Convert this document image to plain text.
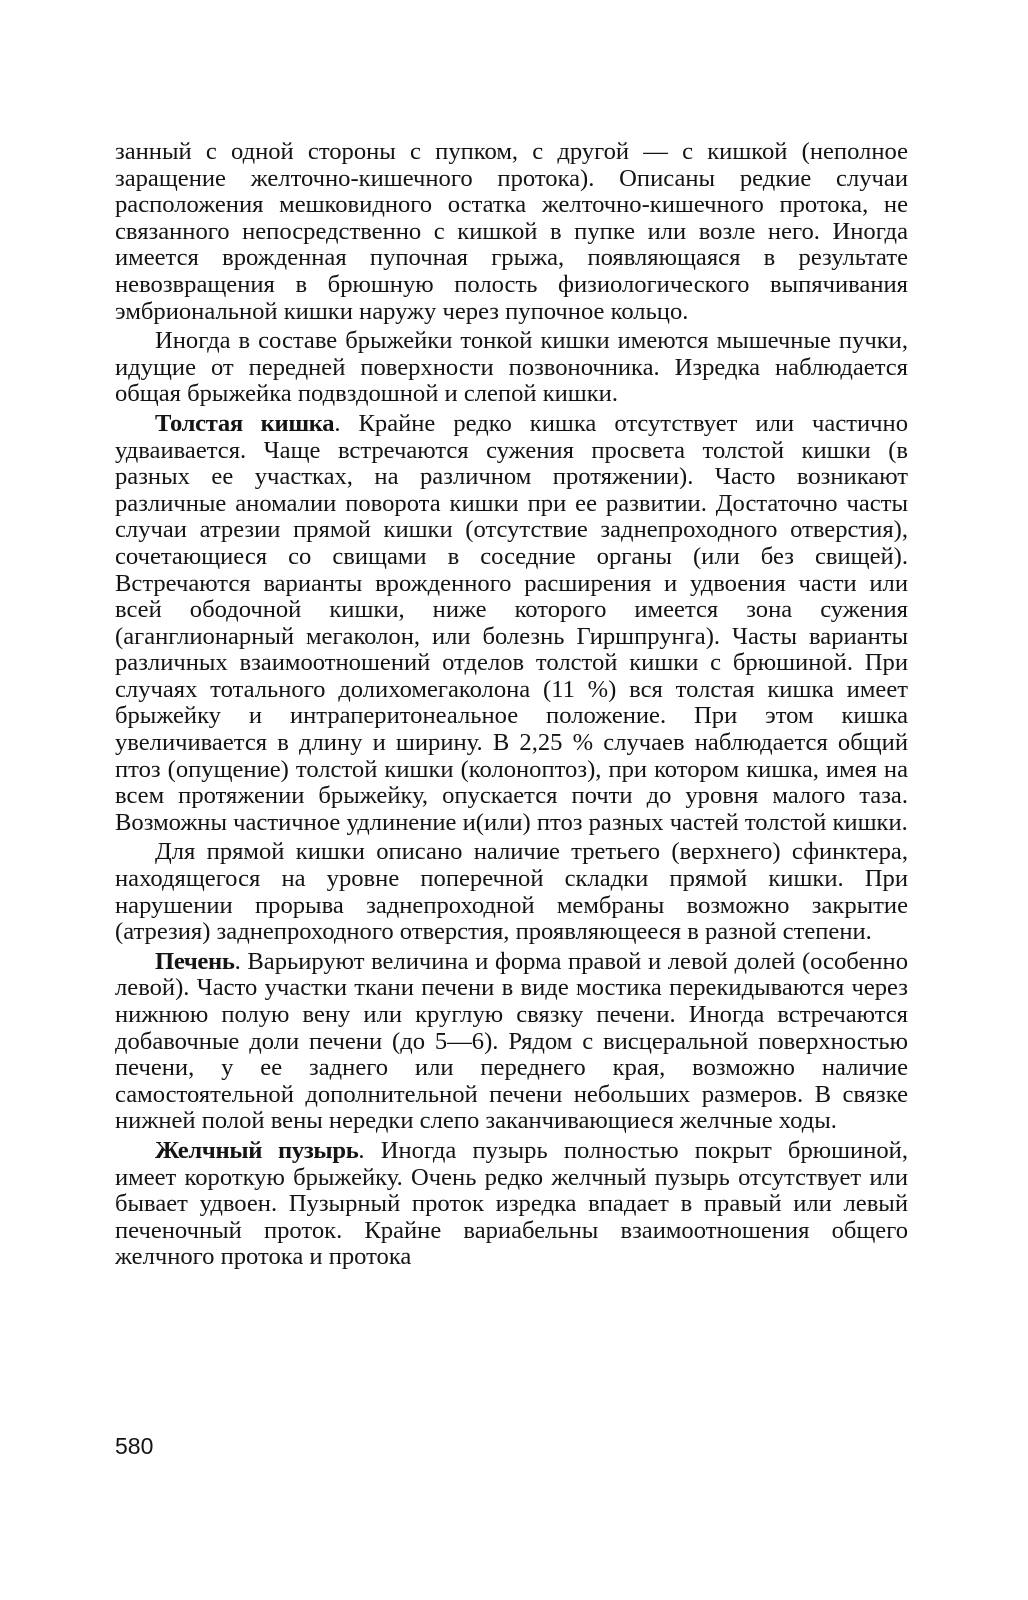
занный с одной стороны с пупком, с другой — с кишкой (неполное заращение желточно-кишечного протока). Описаны редкие случаи расположения мешковидного остатка желточно-кишечного протока, не связанного непосредственно с кишкой в пупке или возле него. Иногда имеется врожденная пупочная грыжа, появляющаяся в результате невозвращения в брюшную полость физиологического выпячивания эмбриональной кишки наружу через пупочное кольцо.

Иногда в составе брыжейки тонкой кишки имеются мышечные пучки, идущие от передней поверхности позвоночника. Изредка наблюдается общая брыжейка подвздошной и слепой кишки.

Толстая кишка. Крайне редко кишка отсутствует или частично удваивается. Чаще встречаются сужения просвета толстой кишки (в разных ее участках, на различном протяжении). Часто возникают различные аномалии поворота кишки при ее развитии. Достаточно часты случаи атрезии прямой кишки (отсутствие заднепроходного отверстия), сочетающиеся со свищами в соседние органы (или без свищей). Встречаются варианты врожденного расширения и удвоения части или всей ободочной кишки, ниже которого имеется зона сужения (аганглионарный мегаколон, или болезнь Гиршпрунга). Часты варианты различных взаимоотношений отделов толстой кишки с брюшиной. При случаях тотального долихомегаколона (11 %) вся толстая кишка имеет брыжейку и интраперитонеальное положение. При этом кишка увеличивается в длину и ширину. В 2,25 % случаев наблюдается общий птоз (опущение) толстой кишки (колоноптоз), при котором кишка, имея на всем протяжении брыжейку, опускается почти до уровня малого таза. Возможны частичное удлинение и(или) птоз разных частей толстой кишки.

Для прямой кишки описано наличие третьего (верхнего) сфинктера, находящегося на уровне поперечной складки прямой кишки. При нарушении прорыва заднепроходной мембраны возможно закрытие (атрезия) заднепроходного отверстия, проявляющееся в разной степени.

Печень. Варьируют величина и форма правой и левой долей (особенно левой). Часто участки ткани печени в виде мостика перекидываются через нижнюю полую вену или круглую связку печени. Иногда встречаются добавочные доли печени (до 5—6). Рядом с висцеральной поверхностью печени, у ее заднего или переднего края, возможно наличие самостоятельной дополнительной печени небольших размеров. В связке нижней полой вены нередки слепо заканчивающиеся желчные ходы.

Желчный пузырь. Иногда пузырь полностью покрыт брюшиной, имеет короткую брыжейку. Очень редко желчный пузырь отсутствует или бывает удвоен. Пузырный проток изредка впадает в правый или левый печеночный проток. Крайне вариабельны взаимоотношения общего желчного протока и протока

580
